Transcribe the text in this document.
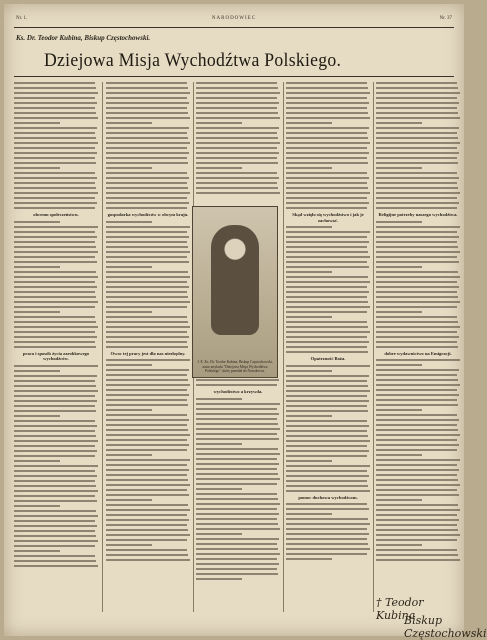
Nr. 1.	NARODOWIEC	Nr. 37
Ks. Dr. Teodor Kubina, Biskup Częstochowski.
Dziejowa Misja Wychodźtwa Polskiego.
obcemu społeczeństwu.
praca i sposób życia zarobkowego wychodźców.
gospodarka wychodźców w obcym kraju.
Owoc tej pracy jest dla nas niezbędny.
wychodźstwo a krzywda.
Skąd wzięło się wychodźstwo i jak je zachować.
Opatrzność Boża.
pomoc duchowa wychodźcom.
Religijne potrzeby naszego wychodźtwa.
dobre wydawnictwo na Emigracji.
J. E. Ks. Dr. Teodor Kubina, Biskup Częstochowski, autor artykułu "Dziejowa Misja Wychodźtwa Polskiego", który przesłał do Narodowca.
† Teodor Kubina
Biskup Częstochowski
